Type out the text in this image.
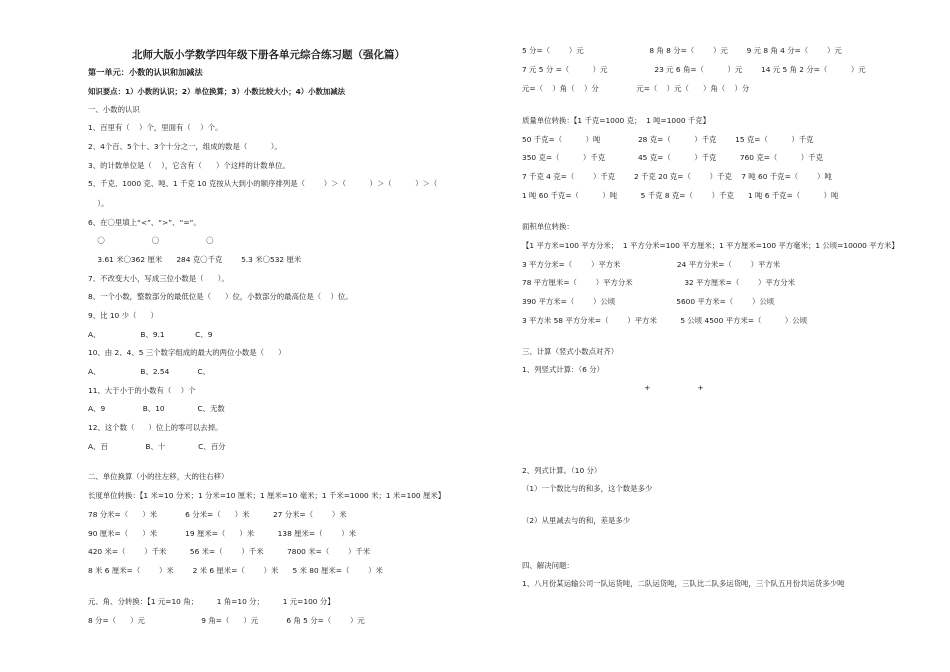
北师大版小学数学四年级下册各单元综合练习题（强化篇）
第一单元：小数的认识和加减法
知识要点：1）小数的认识；2）单位换算；3）小数比较大小；4）小数加减法
一、小数的认识
1、百里有（    ）个，里面有（    ）个。
2、4个百、5个十、3个十分之一，组成的数是（          ）。
3、的计数单位是（    ），它含有（      ）个这样的计数单位。
5、千克、1000 克、吨、1 千克 10 克按从大到小的顺序排列是（        ）＞（          ）＞（          ）＞（
）。
6、在〇里填上“<”、“>”、“=”。
〇                    〇                    〇
3.61 米〇362 厘米      284 克〇千克        5.3 米〇532 厘米
7、不改变大小，写成三位小数是（      ）。
8、一个小数，整数部分的最低位是（      ）位，小数部分的最高位是（    ）位。
9、比 10 少（      ）
A、                 B、9.1             C、9
10、由 2、4、5 三个数字组成的最大的两位小数是（      ）
A、                 B、2.54            C、
11、大于小于的小数有（    ）个
A、9                B、10              C、无数
12、这个数（      ）位上的零可以去掉。
A、百                B、十              C、百分
二、单位换算（小的往左移，大的往右移）
长度单位转换：【1 米=10 分米；1 分米=10 厘米；1 厘米=10 毫米；1 千米=1000 米；1 米=100 厘米】
78 分米=（      ）米            6 分米=（      ）米          27 分米=（        ）米
90 厘米=（      ）米            19 厘米=（      ）米          138 厘米=（        ）米
420 米=（        ）千米          56 米=（        ）千米          7800 米=（        ）千米
8 米 6 厘米=（        ）米        2 米 6 厘米=（        ）米      5 米 80 厘米=（        ）米
元、角、分转换：【1 元=10 角；        1 角=10 分；        1 元=100 分】
8 分=（      ）元                        9 角=（      ）元            6 角 5 分=（        ）元
5 分=（        ）元                            8 角 8 分=（        ）元        9 元 8 角 4 分=（        ）元
7 元 5 分 =（          ）元                    23 元 6 角=（          ）元        14 元 5 角 2 分=（          ）元
元=（    ）角（    ）分                元=（    ）元（      ）角（    ）分
质量单位转换：【1 千克=1000 克；  1 吨=1000 千克】
50 千克=（          ）吨                28 克=（          ）千克        15 克=（          ）千克
350 克=（          ）千克              45 克=（          ）千克          760 克=（          ）千克
7 千克 4 克=（        ）千克        2 千克 20 克=（        ）千克    7 吨 60 千克=（        ）吨
1 吨 60 千克=（          ）吨          5 千克 8 克=（        ）千克      1 吨 6 千克=（          ）吨
面积单位转换：
【1 平方米=100 平方分米；  1 平方分米=100 平方厘米；1 平方厘米=100 平方毫米；1 公顷=10000 平方米】
3 平方分米=（        ）平方米                        24 平方分米=（        ）平方米
78 平方厘米=（        ）平方分米                      32 平方厘米=（        ）平方分米
390 平方米=（        ）公顷                          5600 平方米=（        ）公顷
3 平方米 58 平方分米=（        ）平方米          5 公顷 4500 平方米=（          ）公顷
三、计算（竖式小数点对齐）
1、列竖式计算：（6 分）
+                    +
2、列式计算。（10 分）
（1）一个数比与的和多，这个数是多少
（2）从里减去与的和，差是多少
四、解决问题：
1、八月份某运输公司一队运货吨，二队运货吨，三队比二队多运货吨，三个队五月份共运货多少吨
